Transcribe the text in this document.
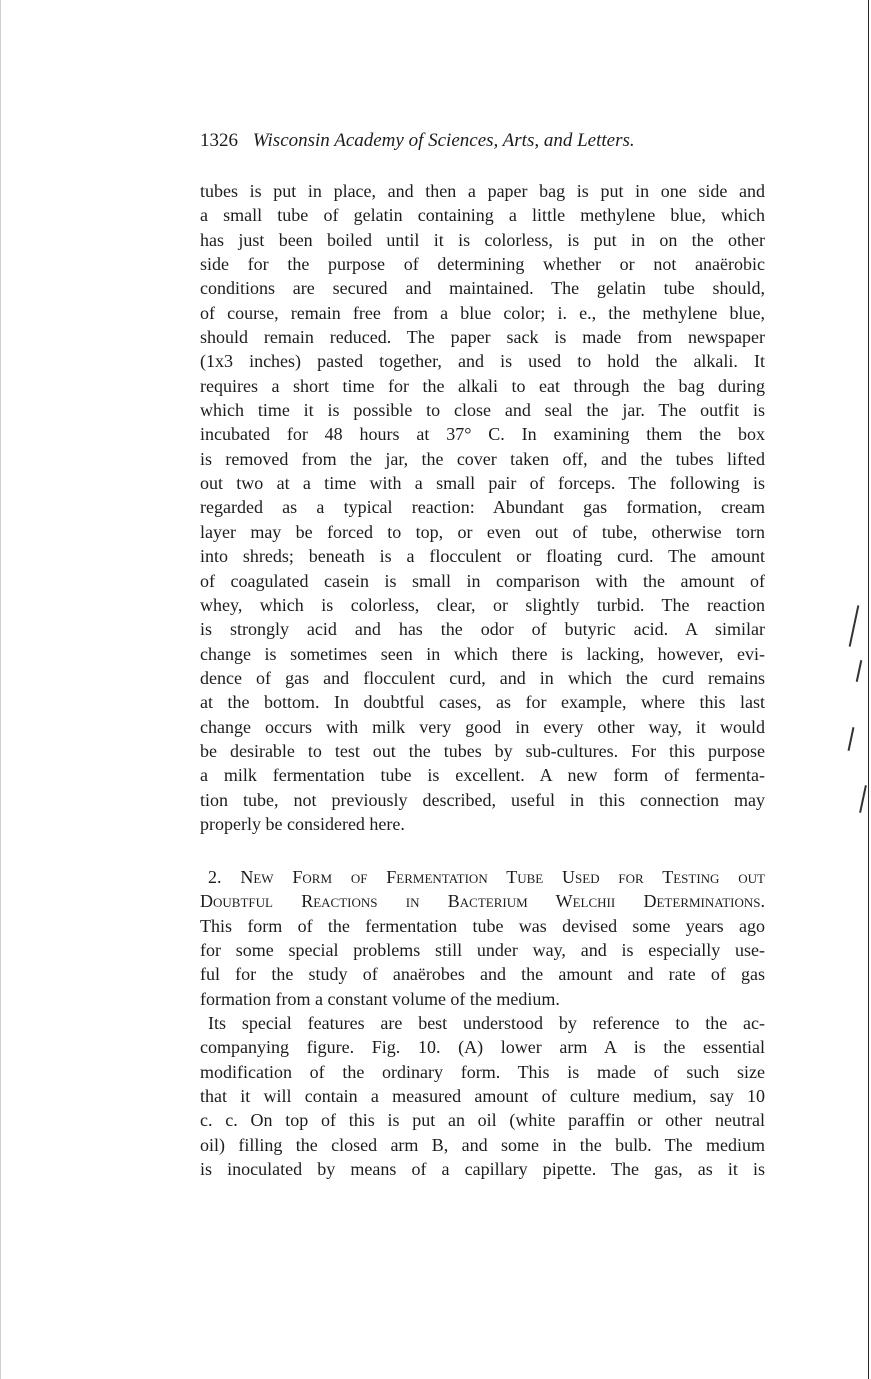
1326 Wisconsin Academy of Sciences, Arts, and Letters.
tubes is put in place, and then a paper bag is put in one side and
a small tube of gelatin containing a little methylene blue, which
has just been boiled until it is colorless, is put in on the other
side for the purpose of determining whether or not anaërobic
conditions are secured and maintained. The gelatin tube should,
of course, remain free from a blue color; i. e., the methylene blue,
should remain reduced. The paper sack is made from newspaper
(1x3 inches) pasted together, and is used to hold the alkali. It
requires a short time for the alkali to eat through the bag during
which time it is possible to close and seal the jar. The outfit is
incubated for 48 hours at 37° C. In examining them the box
is removed from the jar, the cover taken off, and the tubes lifted
out two at a time with a small pair of forceps. The following is
regarded as a typical reaction: Abundant gas formation, cream
layer may be forced to top, or even out of tube, otherwise torn
into shreds; beneath is a flocculent or floating curd. The amount
of coagulated casein is small in comparison with the amount of
whey, which is colorless, clear, or slightly turbid. The reaction
is strongly acid and has the odor of butyric acid. A similar
change is sometimes seen in which there is lacking, however, evi-
dence of gas and flocculent curd, and in which the curd remains
at the bottom. In doubtful cases, as for example, where this last
change occurs with milk very good in every other way, it would
be desirable to test out the tubes by sub-cultures. For this purpose
a milk fermentation tube is excellent. A new form of fermenta-
tion tube, not previously described, useful in this connection may
properly be considered here.
2. New Form of Fermentation Tube Used for Testing out
Doubtful Reactions in Bacterium Welchii Determinations.
This form of the fermentation tube was devised some years ago
for some special problems still under way, and is especially use-
ful for the study of anaërobes and the amount and rate of gas
formation from a constant volume of the medium.
Its special features are best understood by reference to the ac-
companying figure. Fig. 10. (A) lower arm A is the essential
modification of the ordinary form. This is made of such size
that it will contain a measured amount of culture medium, say 10
c. c. On top of this is put an oil (white paraffin or other neutral
oil) filling the closed arm B, and some in the bulb. The medium
is inoculated by means of a capillary pipette. The gas, as it is
